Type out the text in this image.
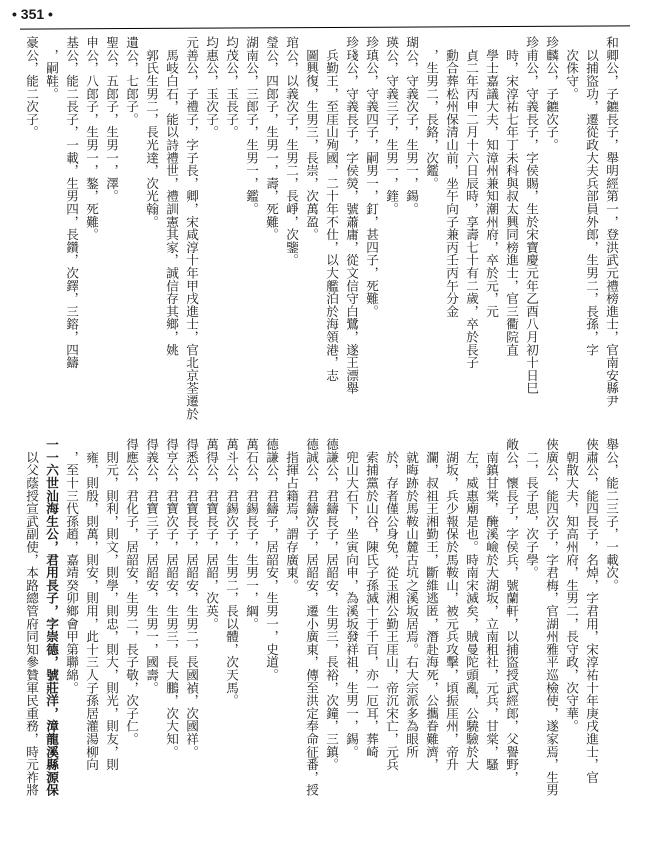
• 351 •
和卿公，子鑣長子，舉明經第一，登洪武元禮榜進士，官南安縣尹
　以捕盜功，遷從政大夫兵部員外郎，生男二，長孫，字
　次侏守。
珍麟公，子鑣次子。
珍甫公，守義長子，字侯賜，生於宋寶慶元年乙酉八月初十日巳
　時，宋淳祐七年丁未科與叔太興同榜進士，官三衢院直
　學士嘉議大夫，知漳州兼知潮州府，卒於元，元
　貞二年丙申二月十六日辰時，享壽七十有二歲，卒於長子
　勳合葬松州保清山前，坐午向子兼丙壬丙午分金
　，生男二，長鉻，次鑑。
瑚公，守義次子，生男一，鍚。
瑛公，守義三子，生男一，鍷。
珍瑱公，守義四子，嗣男一，釘，甚四子，死難。
珍琖公，守義長子，字侯熒，號蕭庸，從文信守白鷺，遂王漂舉
　兵勤王，至厓山殉國，二十年不仕，以大艦泊於海領港，志
　圖興復，生男三，長崇，次萬盈。
琯公，以義次子，生男二，長崢，次鑒。
瑩公，四郎子，生男一，壽，死難。
湖南公，三郎子，生男一，鑑。
均茂公，玉長子。
均惠公，玉次子。
元善公，子禮子，字子長，卿，宋咸淳十年甲戌進士，官北京荃遷於
　馬岐白石，能以詩禮世，禮訓憲其家，誠信存其鄉，姚
　郭氏生男二，長光達，次光翰。
遺公，七郎子。
聖公，五郎子，生男一，澤。
申公，八郎子，生男一，鏊，死難。
基公，能二長子，一載，生男四，長鑽，次鐸，三鎔，四鑄
　，嗣鞋。
豪公，能二次子。
舉公，能二三子，一載次。
俠肅公，能四長子，名焯，字君用，宋淳祐十年庚戌進士，官
　朝散大夫，知高州府，生男二，長守政，次守華。
俠廣公，能四次子，字君梅，官湖州雅平巡檢使，遂家焉，生男
　二，長子思，次子學。
敞公，懷長子，字侯兵，號蘭軒，以捕盜授武經郎，父譽野，
　南鎮甘棠，醃溪嶮於大湖坂，立南租社，元兵，甘棠，騷
　左，威惠廟是也。時南宋滅矣，賊曼陀頭亂，公驍驗於大
　湖坂，兵少報保於馬鞍山，被元兵攻擊，頃振厓州，帝升
　瀾，叔祖王湘勤王，斷維逃匿，潛赴海死，公攜眷難濟，
　就晦跡於馬鞍山麓古坑之溪坂居焉。右大宗派多為眼所
　於，存者僅公身免，從玉湘公勤王厓山，帝沉宋亡，元兵
　索捕黨於山谷，陳氏子孫滅十于千百，亦一厄耳，葬崎
　兜山大石下，坐寅向申，為溪坂發祥祖，生男一，錫。
德謙公，君鑄長子，居韶安，生男三，長裕，次鐘，三鎮。
德誠公，君鑄次子，居韶安，遷小廣東，傳至洪定奉命征番，授
　指揮占籍焉，謂存廣東。
德謙公，君鑄子，居韶安，生男一，史道。
萬石公，君錫長子，生男一，綱。
萬斗公，君錫次子，生男二，長以體，次天馬。
萬得公，君寶長子，居韶，次英。
得悉公，君寶長子，居韶安，生男二，長國禎，次國祥。
得亨公，君寶次子，居韶安，生男三，長大鵬，次大知。
得義公，君寶三子，居韶安，生男一，國壽。
得應公，君化子，居韶安，生男二，長子敬，次子仁。
　則元，則利，則文，則學，則忠，則大，則光，則友，則
　雍，則殷，則萬，則安，則用，此十三人子孫居灌湯柳向
　，至十三代孫趙，嘉靖癸卯鄉會甲第聯綿。
一一六世汕海生公，君用長子，字崇德，號莊洋，漳龍溪縣源保
　以父蔭授宣武副使，本路總管府同知參贊軍民重務，時元祚將
